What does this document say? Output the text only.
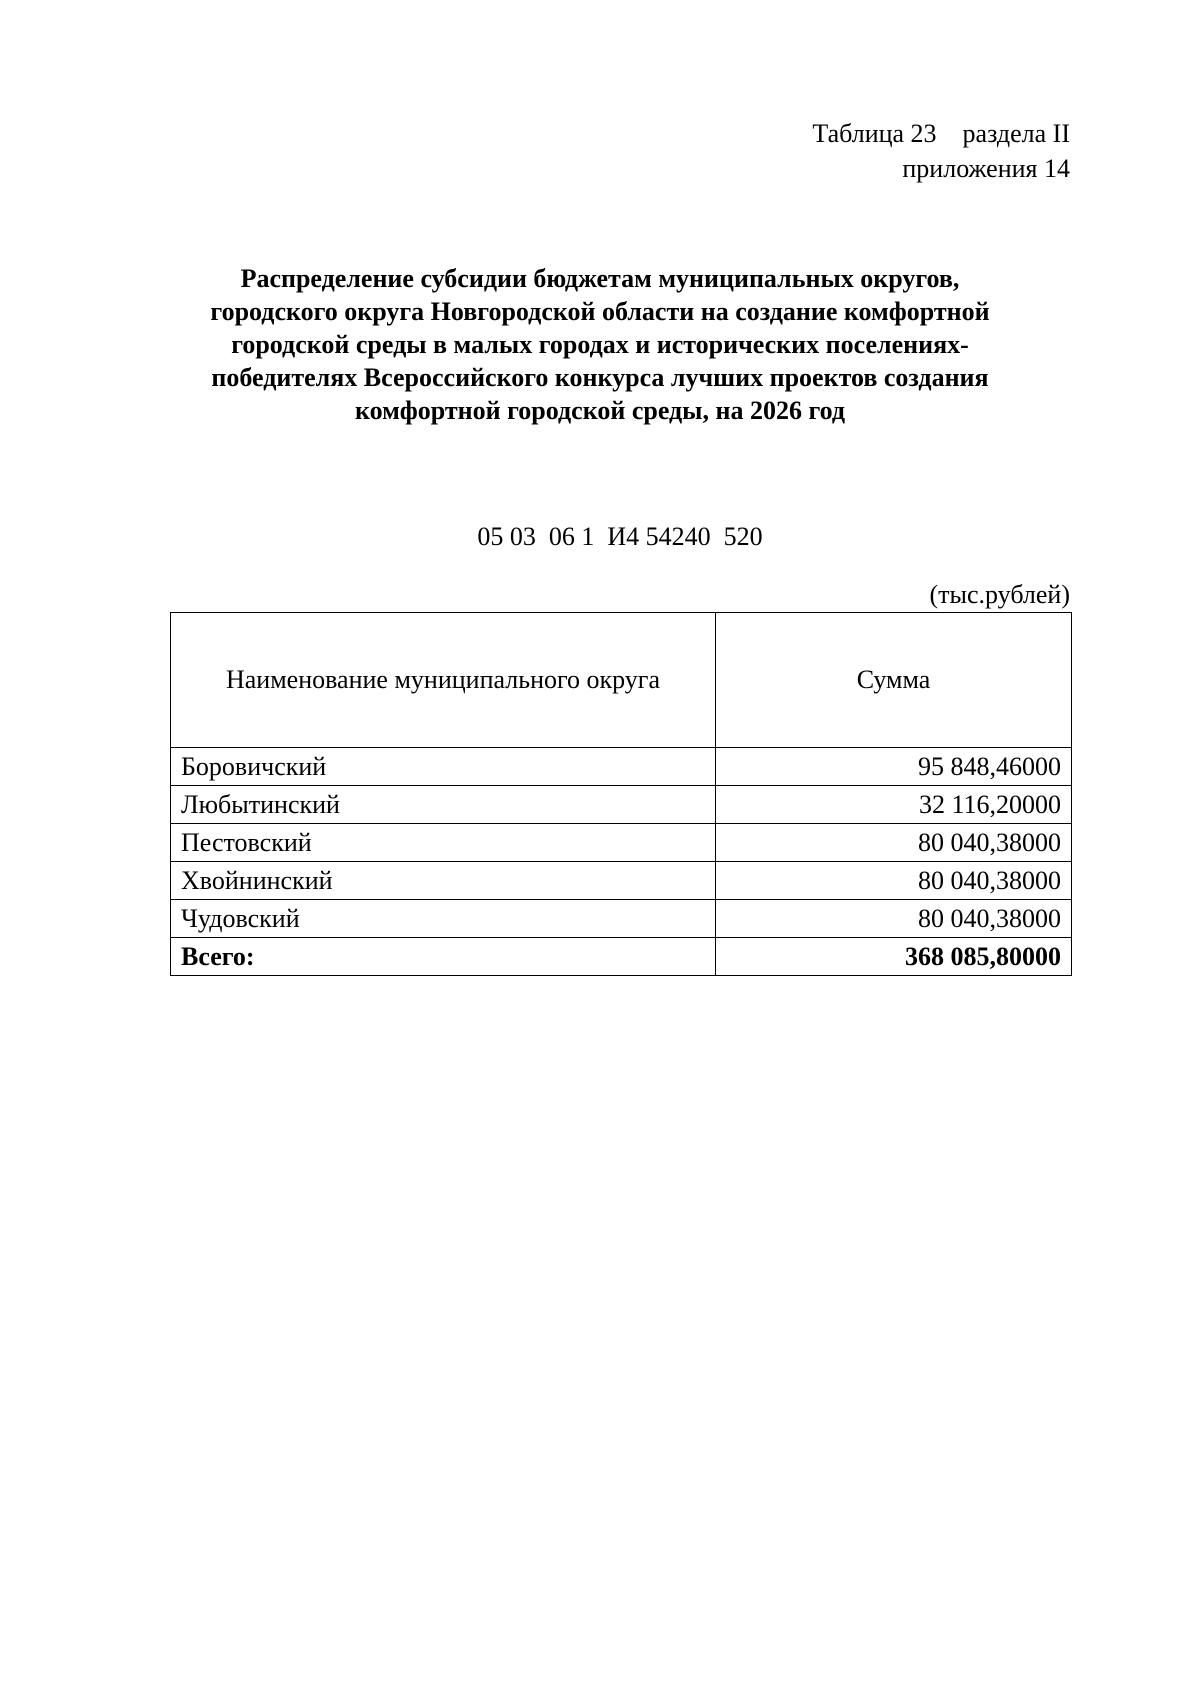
Таблица 23    раздела II
приложения 14
Распределение субсидии бюджетам муниципальных округов,
городского округа Новгородской области на создание комфортной
городской среды в малых городах и исторических поселениях-
победителях Всероссийского конкурса лучших проектов создания
комфортной городской среды, на 2026 год
05 03  06 1  И4 54240  520
(тыс.рублей)
Наименование муниципального округа	Сумма
Боровичский	95 848,46000
Любытинский	32 116,20000
Пестовский	80 040,38000
Хвойнинский	80 040,38000
Чудовский	80 040,38000
Всего:	368 085,80000
